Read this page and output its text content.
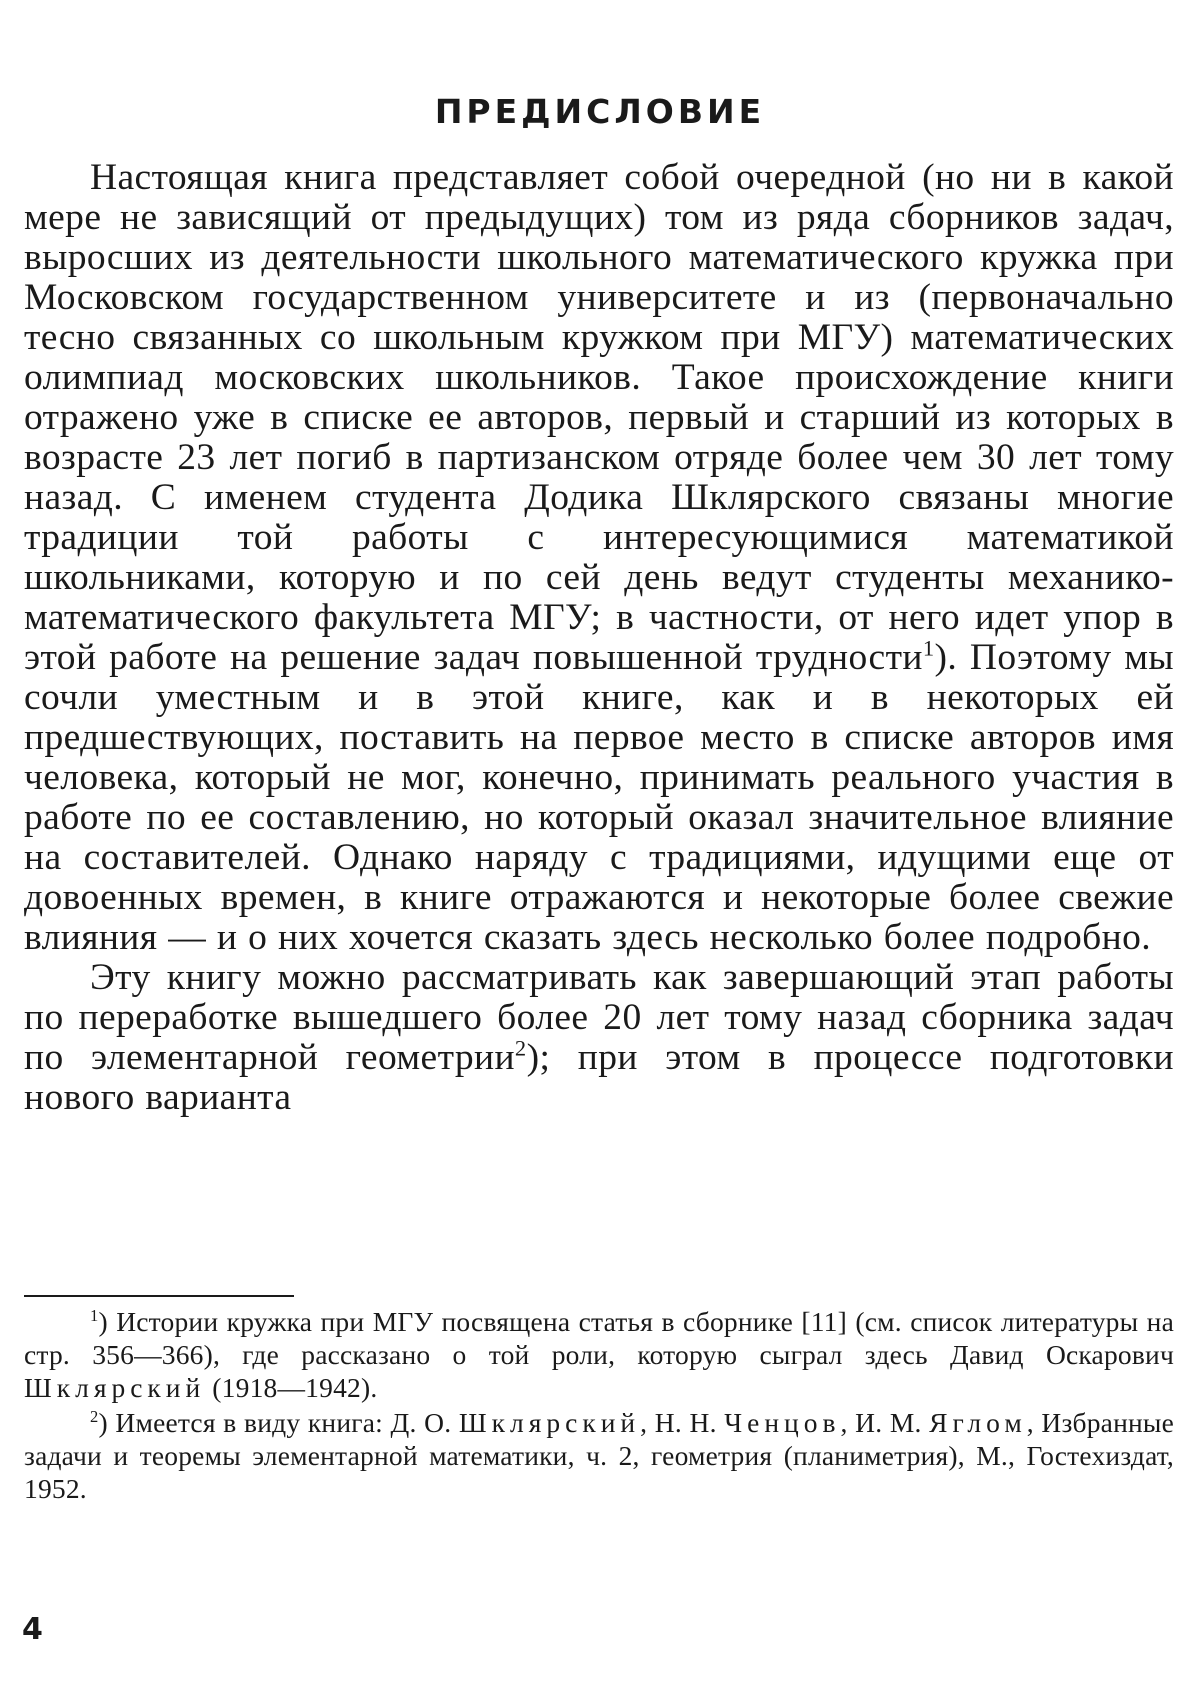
ПРЕДИСЛОВИЕ

Настоящая книга представляет собой очередной (но ни в какой мере не зависящий от предыдущих) том из ряда сборников задач, выросших из деятельности школьного математического кружка при Московском государственном университете и из (первоначально тесно связанных со школьным кружком при МГУ) математических олимпиад московских школьников. Такое происхождение книги отражено уже в списке ее авторов, первый и старший из которых в возрасте 23 лет погиб в партизанском отряде более чем 30 лет тому назад. С именем студента Додика Шклярского связаны многие традиции той работы с интересующимися математикой школьниками, которую и по сей день ведут студенты механико-математического факультета МГУ; в частности, от него идет упор в этой работе на решение задач повышенной трудности$^1$). Поэтому мы сочли уместным и в этой книге, как и в некоторых ей предшествующих, поставить на первое место в списке авторов имя человека, который не мог, конечно, принимать реального участия в работе по ее составлению, но который оказал значительное влияние на составителей. Однако наряду с традициями, идущими еще от довоенных времен, в книге отражаются и некоторые более свежие влияния — и о них хочется сказать здесь несколько более подробно.

Эту книгу можно рассматривать как завершающий этап работы по переработке вышедшего более 20 лет тому назад сборника задач по элементарной геометрии$^2$); при этом в процессе подготовки нового варианта

$^1$) Истории кружка при МГУ посвящена статья в сборнике [11] (см. список литературы на стр. 356—366), где рассказано о той роли, которую сыграл здесь Давид Оскарович Шклярский (1918—1942).

$^2$) Имеется в виду книга: Д. О. Шклярский, Н. Н. Ченцов, И. М. Яглом, Избранные задачи и теоремы элементарной математики, ч. 2, геометрия (планиметрия), М., Гостехиздат, 1952.

4
